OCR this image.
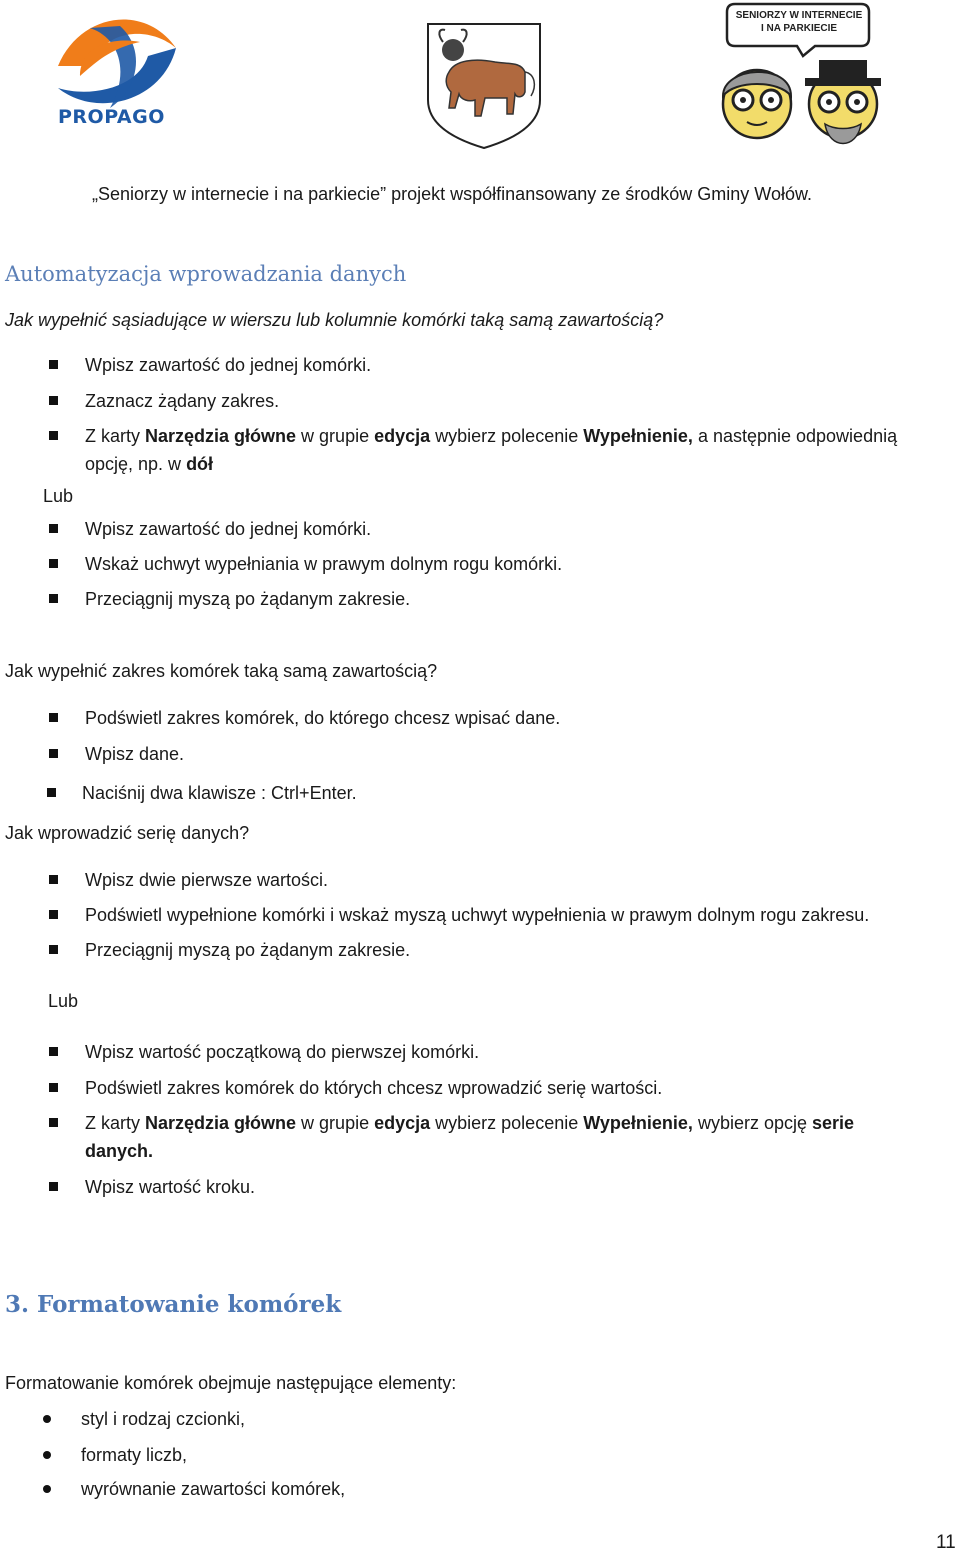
PROPAGO
SENIORZY W INTERNECIE I NA PARKIECIE
„Seniorzy w internecie i na parkiecie” projekt współfinansowany ze środków Gminy Wołów.
Automatyzacja wprowadzania danych
Jak wypełnić sąsiadujące w wierszu lub kolumnie komórki taką samą zawartością?
Wpisz zawartość do jednej komórki.
Zaznacz żądany zakres.
Z karty Narzędzia główne w grupie edycja wybierz polecenie Wypełnienie, a następnie odpowiednią
opcję, np. w dół
Lub
Wpisz zawartość do jednej komórki.
Wskaż uchwyt wypełniania w prawym dolnym rogu komórki.
Przeciągnij myszą po żądanym zakresie.
Jak wypełnić zakres komórek taką samą zawartością?
Podświetl zakres komórek, do którego chcesz wpisać dane.
Wpisz dane.
Naciśnij dwa klawisze : Ctrl+Enter.
Jak wprowadzić serię danych?
Wpisz dwie pierwsze wartości.
Podświetl wypełnione komórki i wskaż myszą uchwyt wypełnienia w prawym dolnym rogu zakresu.
Przeciągnij myszą po żądanym zakresie.
Lub
Wpisz wartość początkową do pierwszej komórki.
Podświetl zakres komórek do których chcesz wprowadzić serię wartości.
Z karty Narzędzia główne w grupie edycja wybierz polecenie Wypełnienie, wybierz opcję serie
danych.
Wpisz wartość kroku.
3. Formatowanie komórek
Formatowanie komórek obejmuje następujące elementy:
styl i rodzaj czcionki,
formaty liczb,
wyrównanie zawartości komórek,
11
